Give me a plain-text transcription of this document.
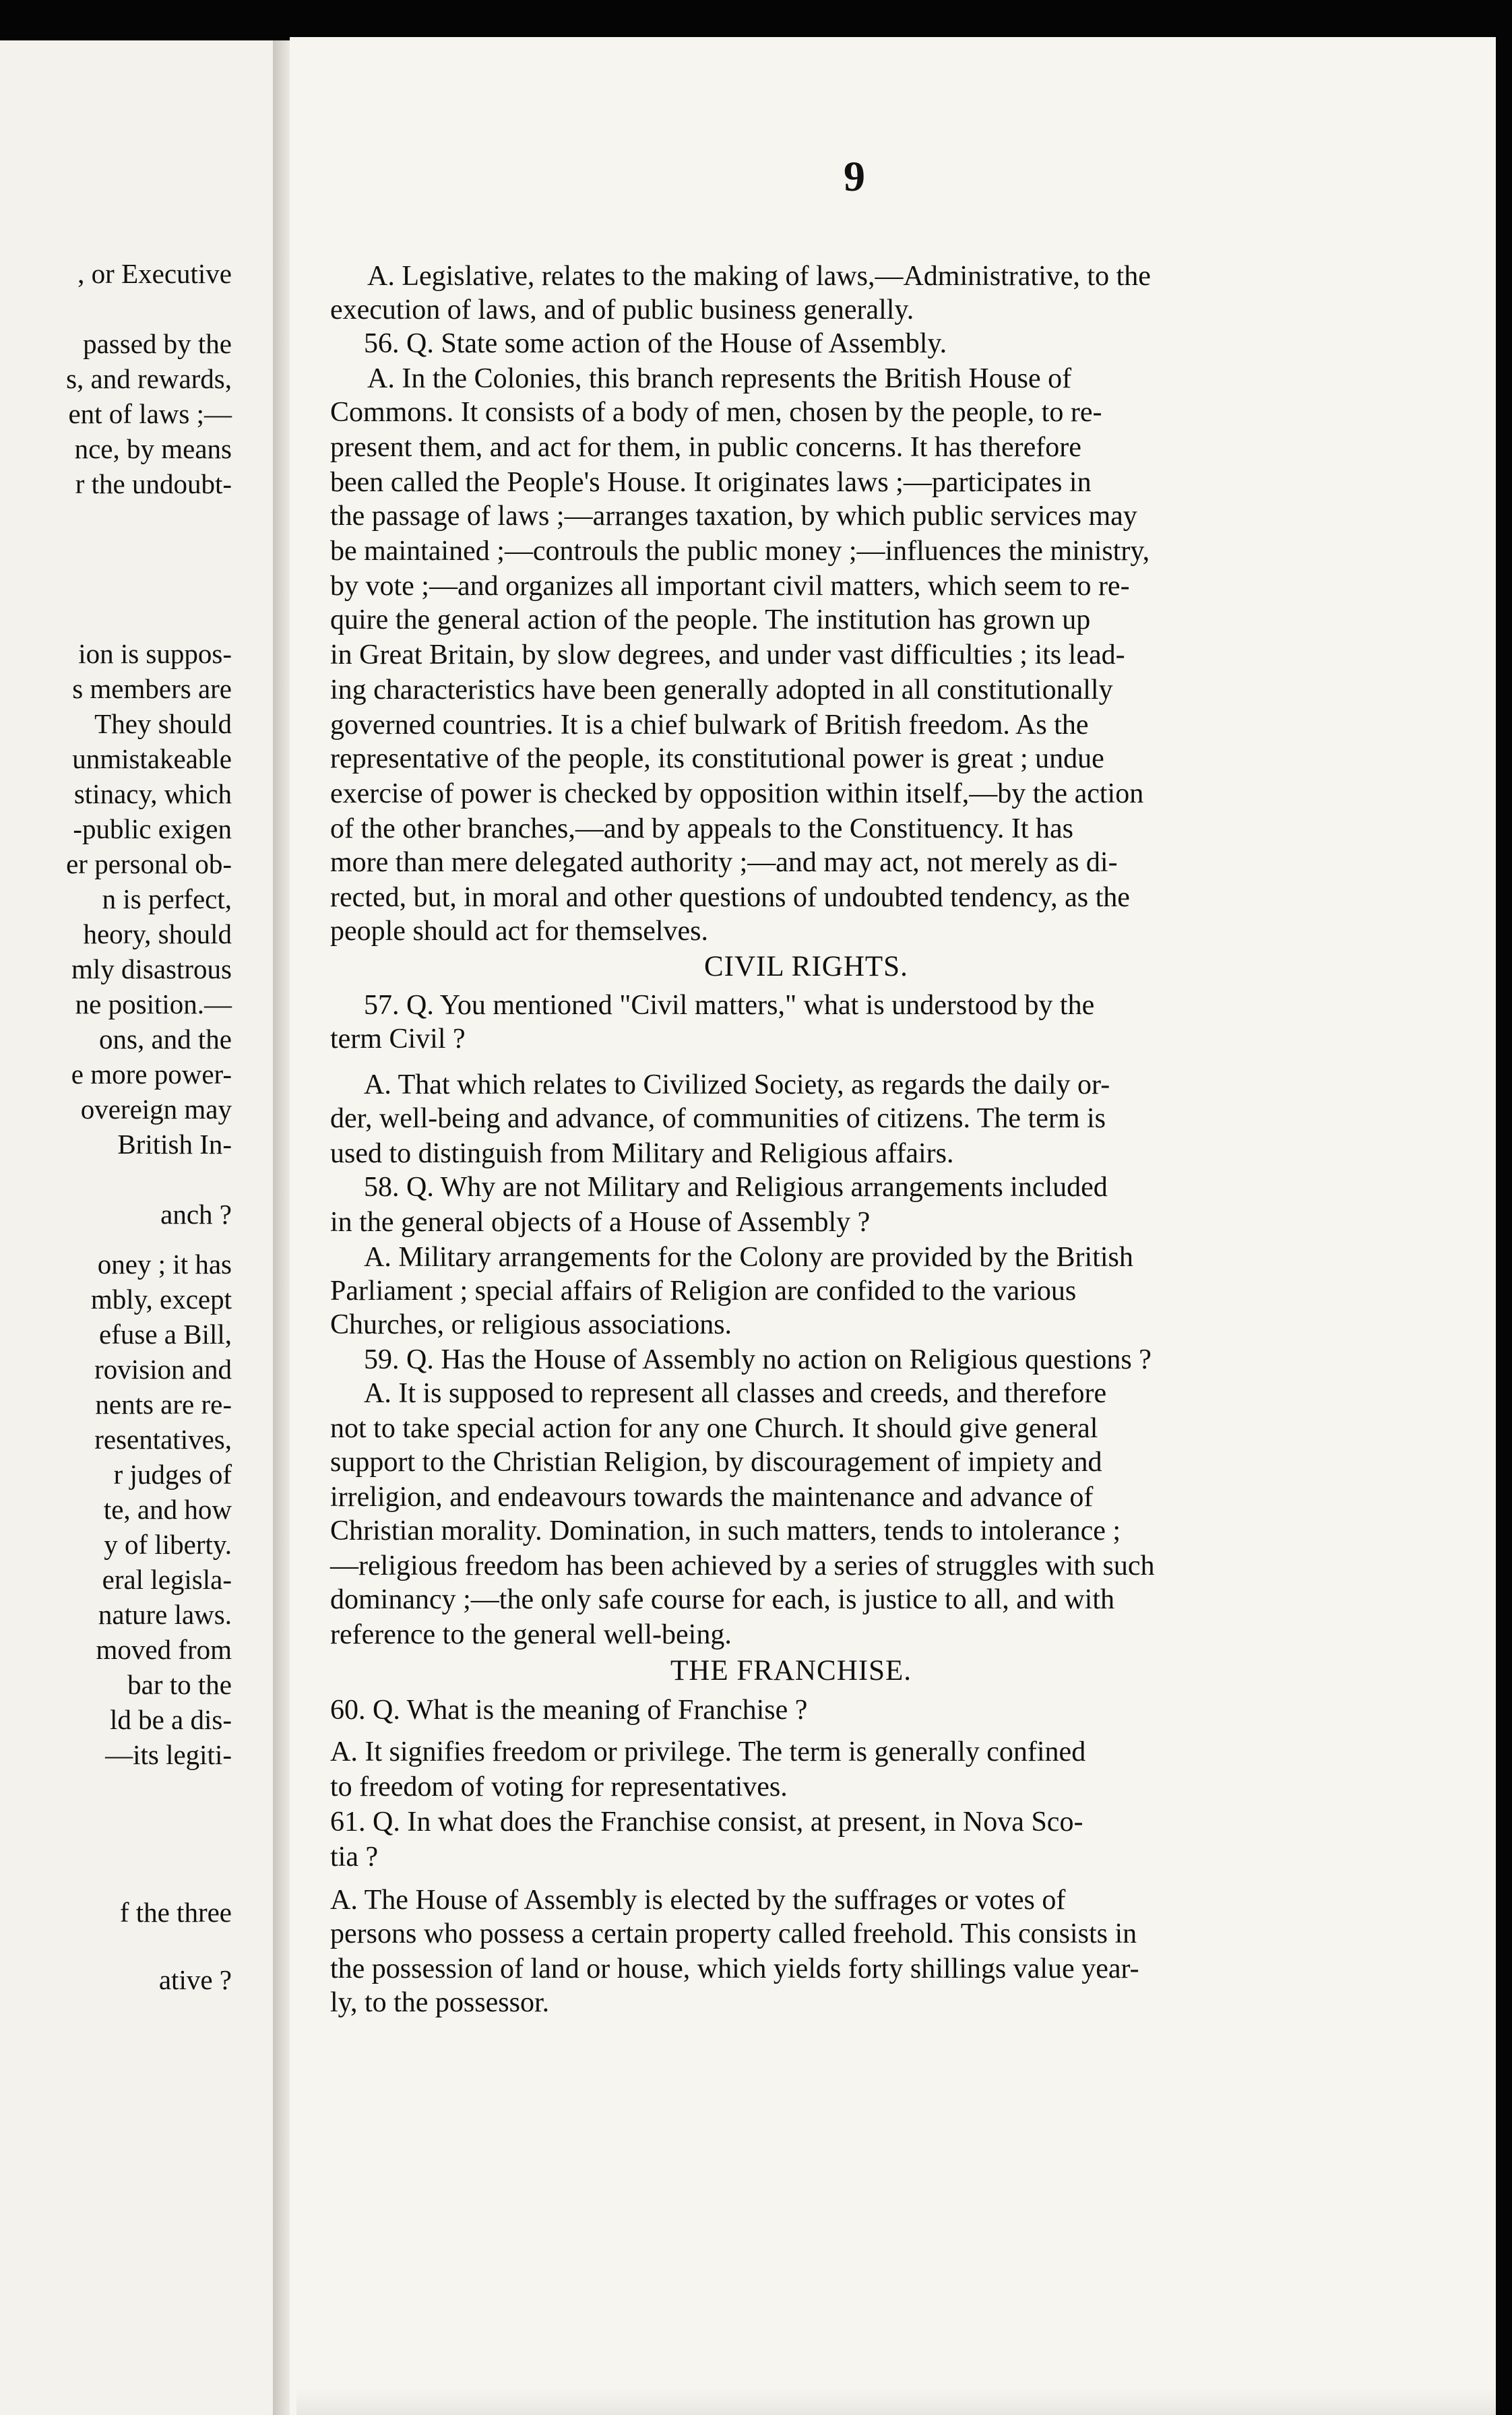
, or Executive
passed by the
s, and rewards,
ent of laws ;—
nce, by means
r the undoubt-
ion is suppos-
s members are
They should
unmistakeable
stinacy, which
-public exigen
er personal ob-
n is perfect,
heory, should
mly disastrous
ne position.—
ons, and the
e more power-
overeign may
British In-
anch ?
oney ; it has
mbly, except
efuse a Bill,
rovision and
nents are re-
resentatives,
r judges of
te, and how
y of liberty.
eral legisla-
nature laws.
moved from
bar to the
ld be a dis-
—its legiti-
f the three
ative ?
9
A. Legislative, relates to the making of laws,—Administrative, to the
execution of laws, and of public business generally.
56. Q. State some action of the House of Assembly.
A. In the Colonies, this branch represents the British House of
Commons. It consists of a body of men, chosen by the people, to re-
present them, and act for them, in public concerns. It has therefore
been called the People's House. It originates laws ;—participates in
the passage of laws ;—arranges taxation, by which public services may
be maintained ;—controuls the public money ;—influences the ministry,
by vote ;—and organizes all important civil matters, which seem to re-
quire the general action of the people. The institution has grown up
in Great Britain, by slow degrees, and under vast difficulties ; its lead-
ing characteristics have been generally adopted in all constitutionally
governed countries. It is a chief bulwark of British freedom. As the
representative of the people, its constitutional power is great ; undue
exercise of power is checked by opposition within itself,—by the action
of the other branches,—and by appeals to the Constituency. It has
more than mere delegated authority ;—and may act, not merely as di-
rected, but, in moral and other questions of undoubted tendency, as the
people should act for themselves.
CIVIL RIGHTS.
57. Q. You mentioned "Civil matters," what is understood by the
term Civil ?
A. That which relates to Civilized Society, as regards the daily or-
der, well-being and advance, of communities of citizens. The term is
used to distinguish from Military and Religious affairs.
58. Q. Why are not Military and Religious arrangements included
in the general objects of a House of Assembly ?
A. Military arrangements for the Colony are provided by the British
Parliament ; special affairs of Religion are confided to the various
Churches, or religious associations.
59. Q. Has the House of Assembly no action on Religious questions ?
A. It is supposed to represent all classes and creeds, and therefore
not to take special action for any one Church. It should give general
support to the Christian Religion, by discouragement of impiety and
irreligion, and endeavours towards the maintenance and advance of
Christian morality. Domination, in such matters, tends to intolerance ;
—religious freedom has been achieved by a series of struggles with such
dominancy ;—the only safe course for each, is justice to all, and with
reference to the general well-being.
THE FRANCHISE.
60. Q. What is the meaning of Franchise ?
A. It signifies freedom or privilege. The term is generally confined
to freedom of voting for representatives.
61. Q. In what does the Franchise consist, at present, in Nova Sco-
tia ?
A. The House of Assembly is elected by the suffrages or votes of
persons who possess a certain property called freehold. This consists in
the possession of land or house, which yields forty shillings value year-
ly, to the possessor.
